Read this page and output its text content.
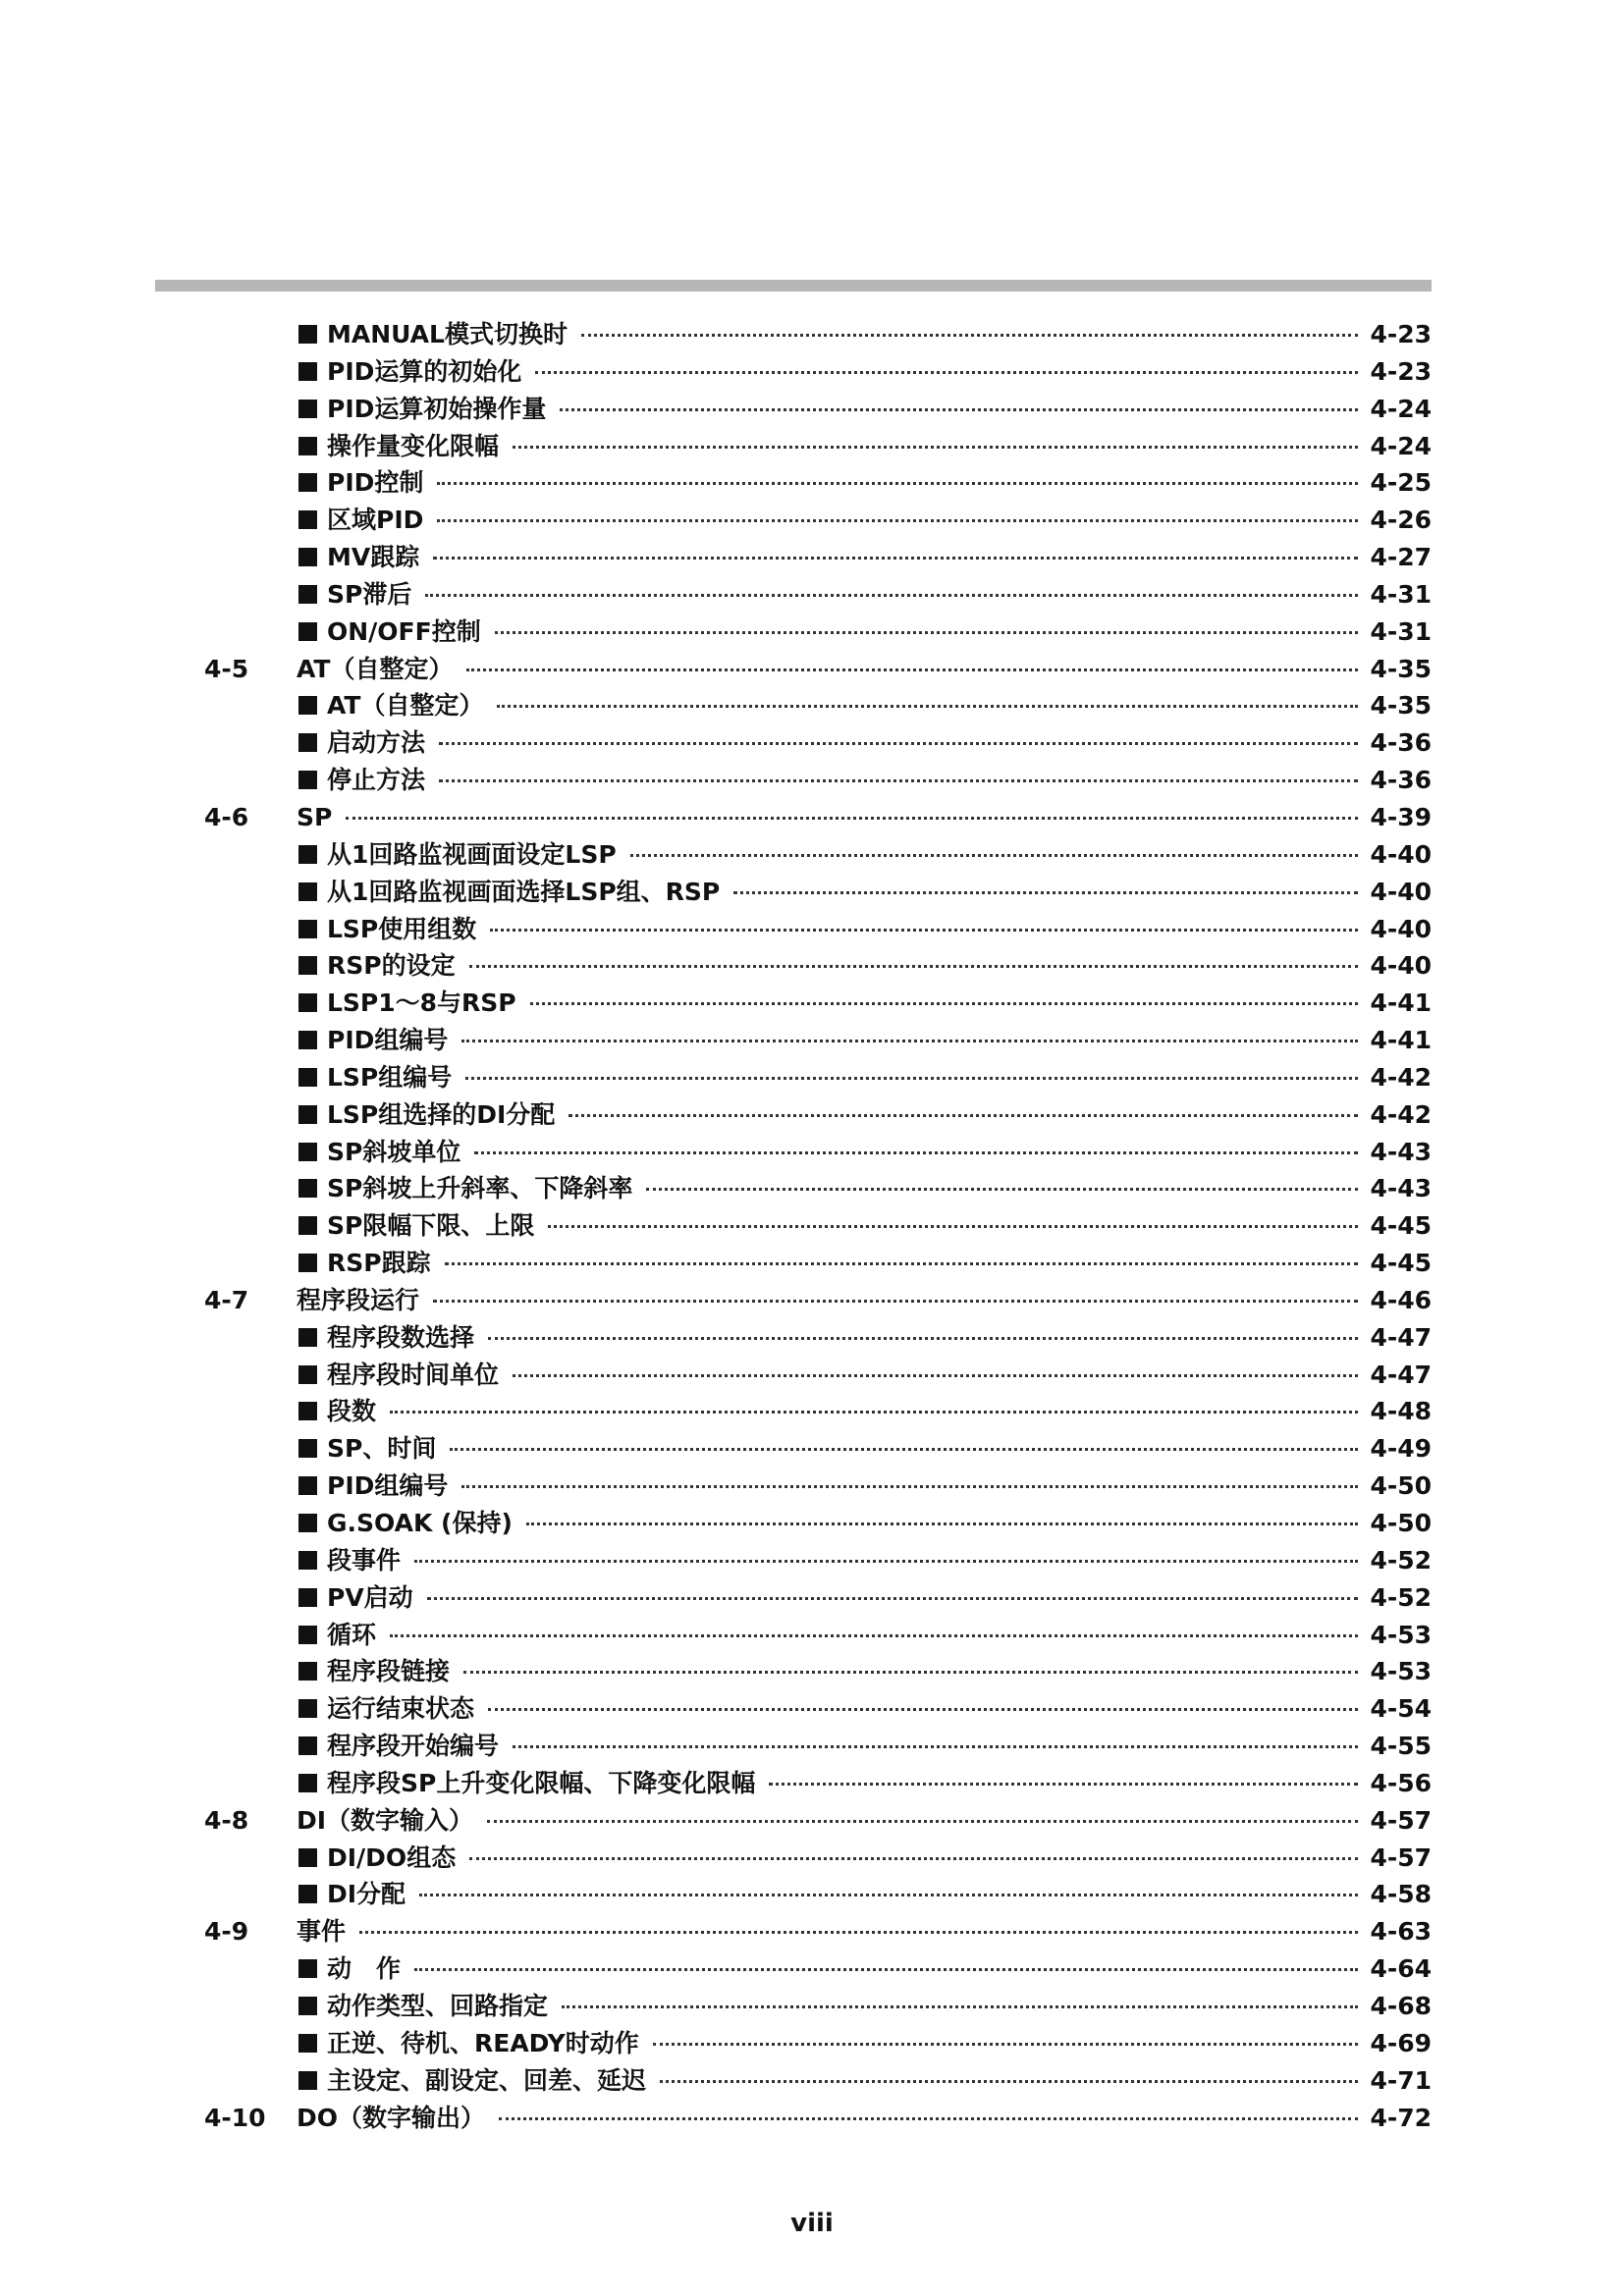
MANUAL模式切换时	4-23
PID运算的初始化	4-23
PID运算初始操作量	4-24
操作量变化限幅	4-24
PID控制	4-25
区域PID	4-26
MV跟踪	4-27
SP滞后	4-31
ON/OFF控制	4-31
4-5 AT（自整定）	4-35
AT（自整定）	4-35
启动方法	4-36
停止方法	4-36
4-6 SP	4-39
从1回路监视画面设定LSP	4-40
从1回路监视画面选择LSP组、RSP	4-40
LSP使用组数	4-40
RSP的设定	4-40
LSP1～8与RSP	4-41
PID组编号	4-41
LSP组编号	4-42
LSP组选择的DI分配	4-42
SP斜坡单位	4-43
SP斜坡上升斜率、下降斜率	4-43
SP限幅下限、上限	4-45
RSP跟踪	4-45
4-7 程序段运行	4-46
程序段数选择	4-47
程序段时间单位	4-47
段数	4-48
SP、时间	4-49
PID组编号	4-50
G.SOAK (保持)	4-50
段事件	4-52
PV启动	4-52
循环	4-53
程序段链接	4-53
运行结束状态	4-54
程序段开始编号	4-55
程序段SP上升变化限幅、下降变化限幅	4-56
4-8 DI（数字输入）	4-57
DI/DO组态	4-57
DI分配	4-58
4-9 事件	4-63
动　作	4-64
动作类型、回路指定	4-68
正逆、待机、READY时动作	4-69
主设定、副设定、回差、延迟	4-71
4-10 DO（数字输出）	4-72
viii
